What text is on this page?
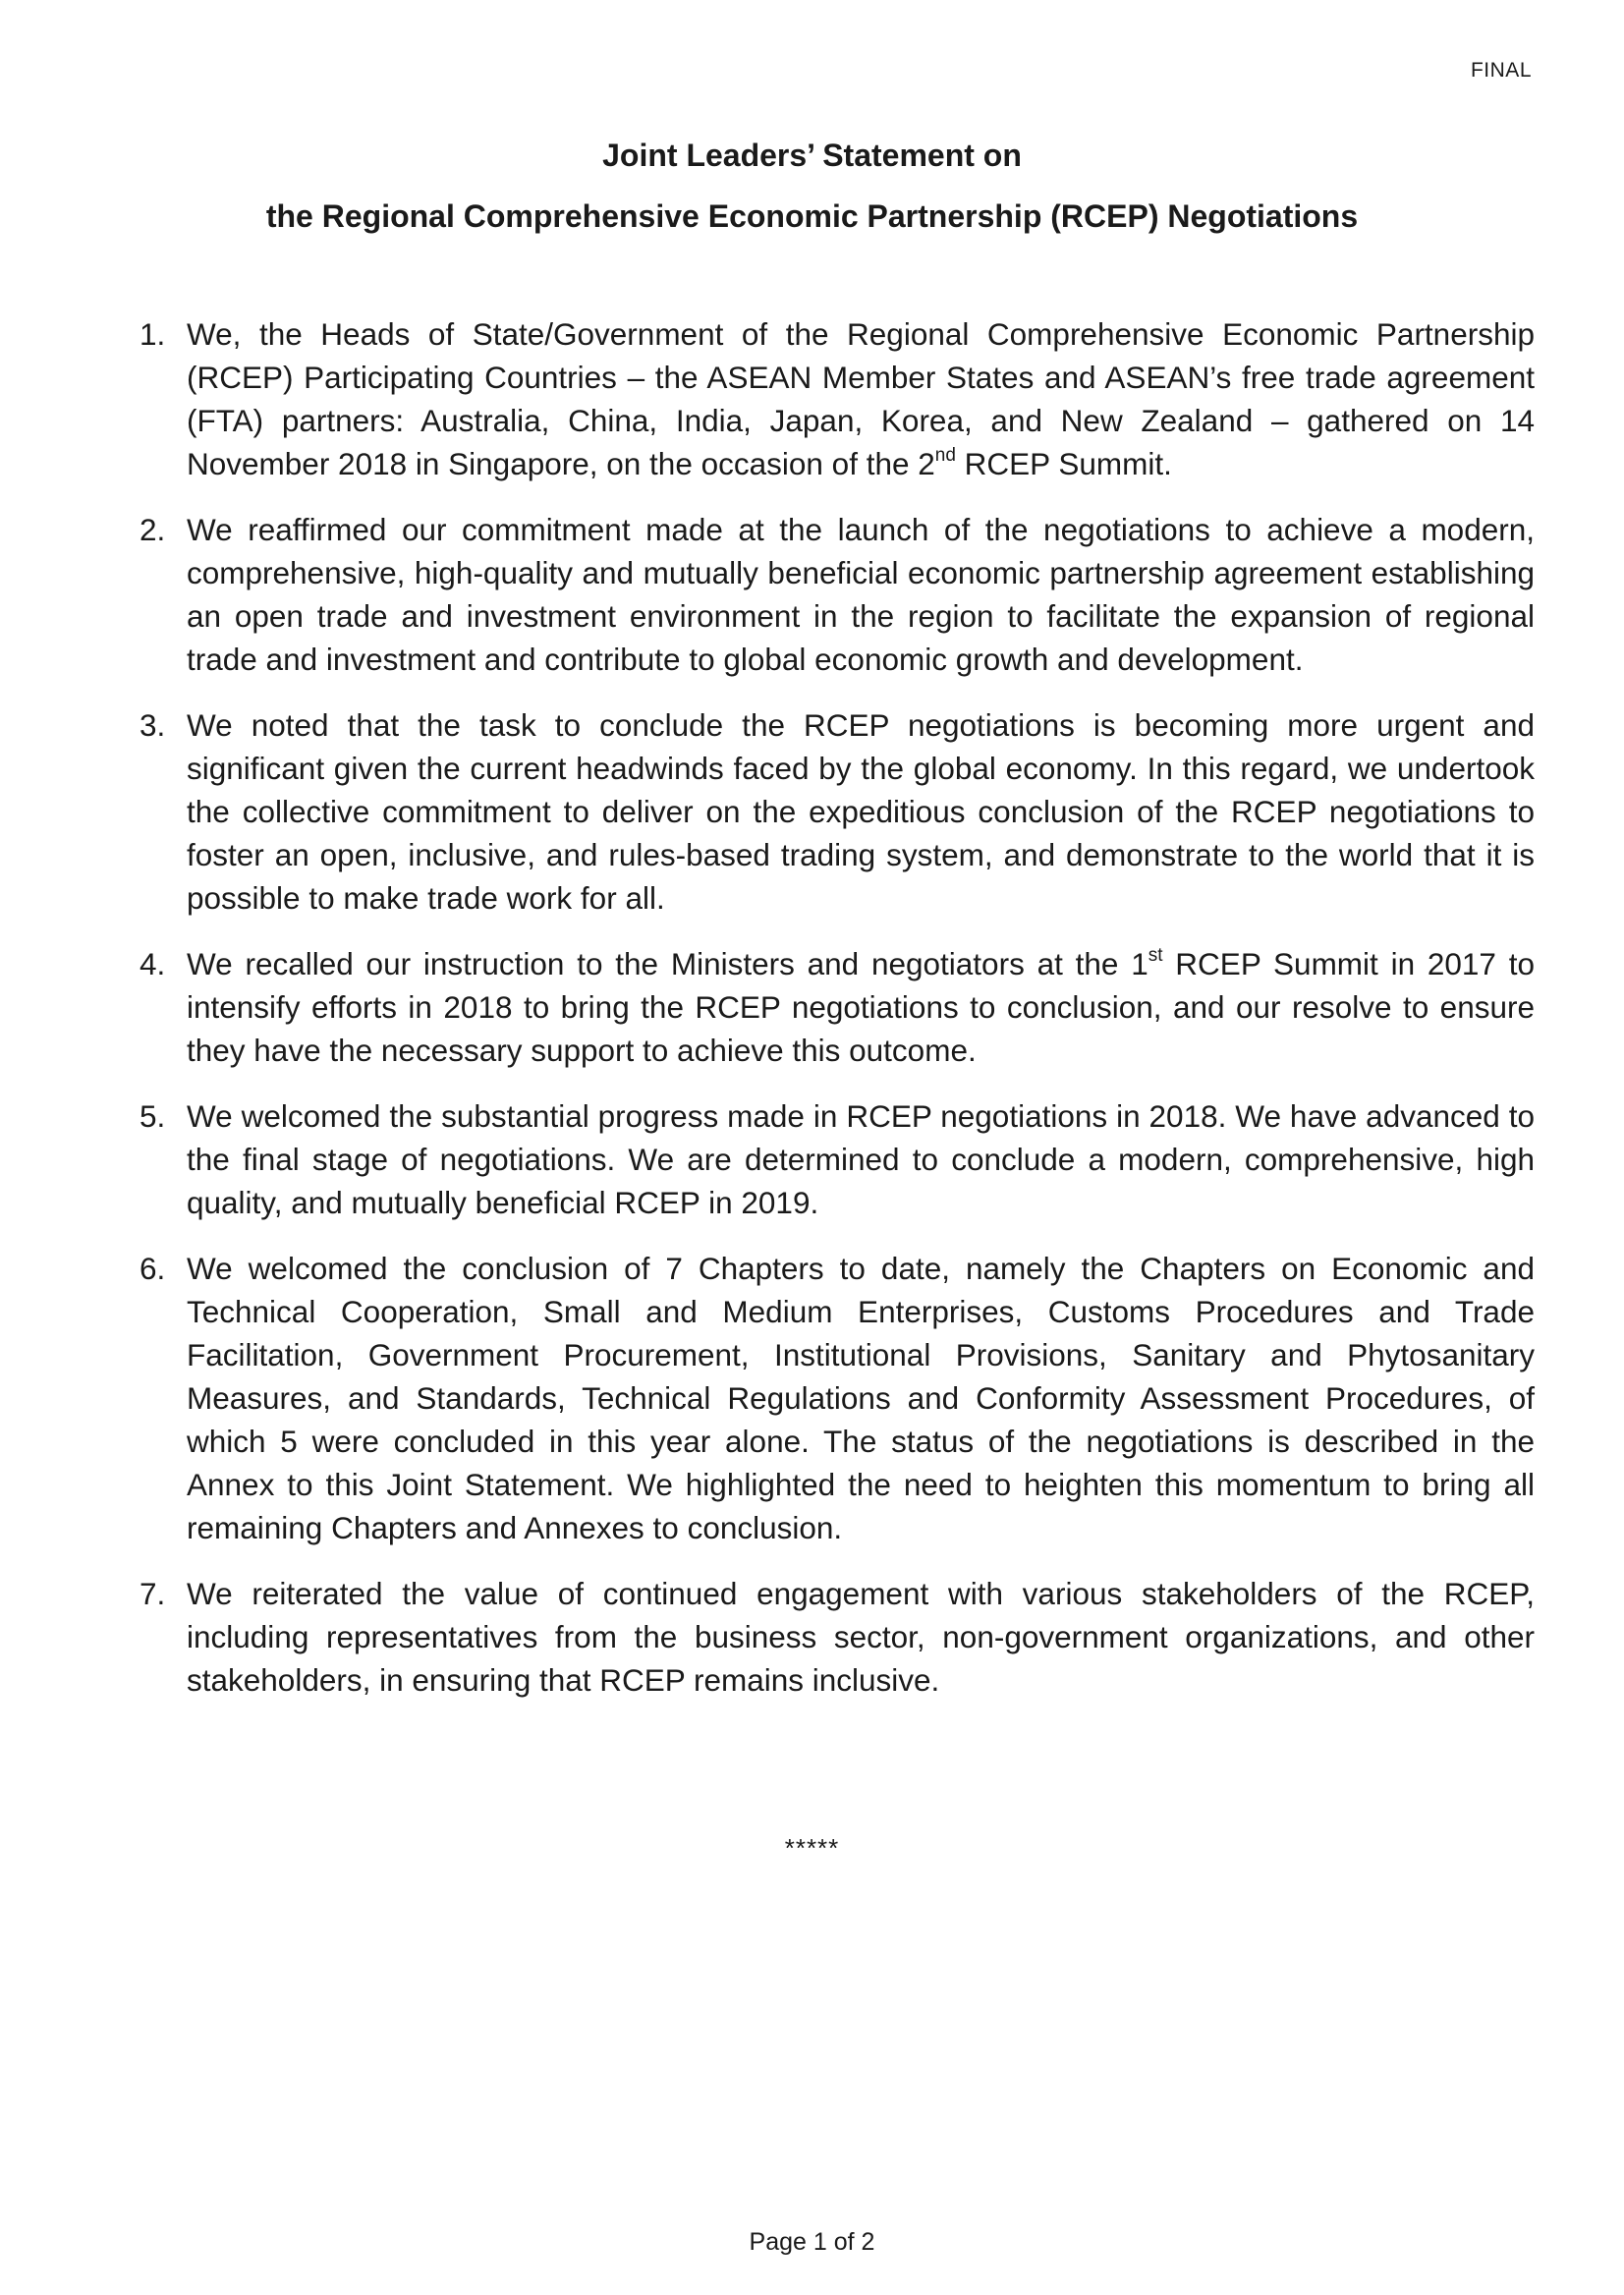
FINAL
Joint Leaders’ Statement on
the Regional Comprehensive Economic Partnership (RCEP) Negotiations
1. We, the Heads of State/Government of the Regional Comprehensive Economic Partnership (RCEP) Participating Countries – the ASEAN Member States and ASEAN’s free trade agreement (FTA) partners: Australia, China, India, Japan, Korea, and New Zealand – gathered on 14 November 2018 in Singapore, on the occasion of the 2nd RCEP Summit.
2. We reaffirmed our commitment made at the launch of the negotiations to achieve a modern, comprehensive, high-quality and mutually beneficial economic partnership agreement establishing an open trade and investment environment in the region to facilitate the expansion of regional trade and investment and contribute to global economic growth and development.
3. We noted that the task to conclude the RCEP negotiations is becoming more urgent and significant given the current headwinds faced by the global economy. In this regard, we undertook the collective commitment to deliver on the expeditious conclusion of the RCEP negotiations to foster an open, inclusive, and rules-based trading system, and demonstrate to the world that it is possible to make trade work for all.
4. We recalled our instruction to the Ministers and negotiators at the 1st RCEP Summit in 2017 to intensify efforts in 2018 to bring the RCEP negotiations to conclusion, and our resolve to ensure they have the necessary support to achieve this outcome.
5. We welcomed the substantial progress made in RCEP negotiations in 2018. We have advanced to the final stage of negotiations. We are determined to conclude a modern, comprehensive, high quality, and mutually beneficial RCEP in 2019.
6. We welcomed the conclusion of 7 Chapters to date, namely the Chapters on Economic and Technical Cooperation, Small and Medium Enterprises, Customs Procedures and Trade Facilitation, Government Procurement, Institutional Provisions, Sanitary and Phytosanitary Measures, and Standards, Technical Regulations and Conformity Assessment Procedures, of which 5 were concluded in this year alone. The status of the negotiations is described in the Annex to this Joint Statement. We highlighted the need to heighten this momentum to bring all remaining Chapters and Annexes to conclusion.
7. We reiterated the value of continued engagement with various stakeholders of the RCEP, including representatives from the business sector, non-government organizations, and other stakeholders, in ensuring that RCEP remains inclusive.
*****
Page 1 of 2
